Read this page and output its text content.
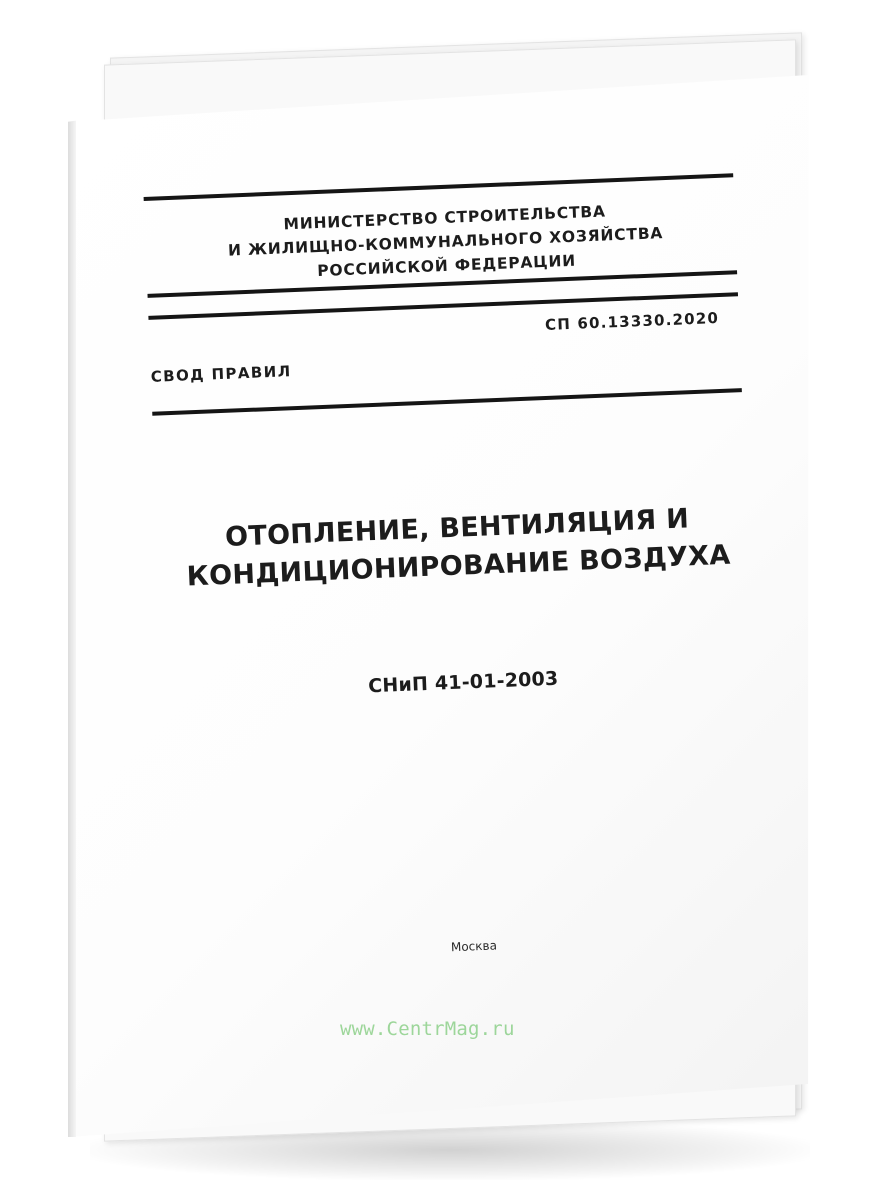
МИНИСТЕРСТВО СТРОИТЕЛЬСТВА
И ЖИЛИЩНО-КОММУНАЛЬНОГО ХОЗЯЙСТВА
РОССИЙСКОЙ ФЕДЕРАЦИИ
СП 60.13330.2020
СВОД ПРАВИЛ
ОТОПЛЕНИЕ, ВЕНТИЛЯЦИЯ И
КОНДИЦИОНИРОВАНИЕ ВОЗДУХА
СНиП 41-01-2003
Москва
www.CentrMag.ru
